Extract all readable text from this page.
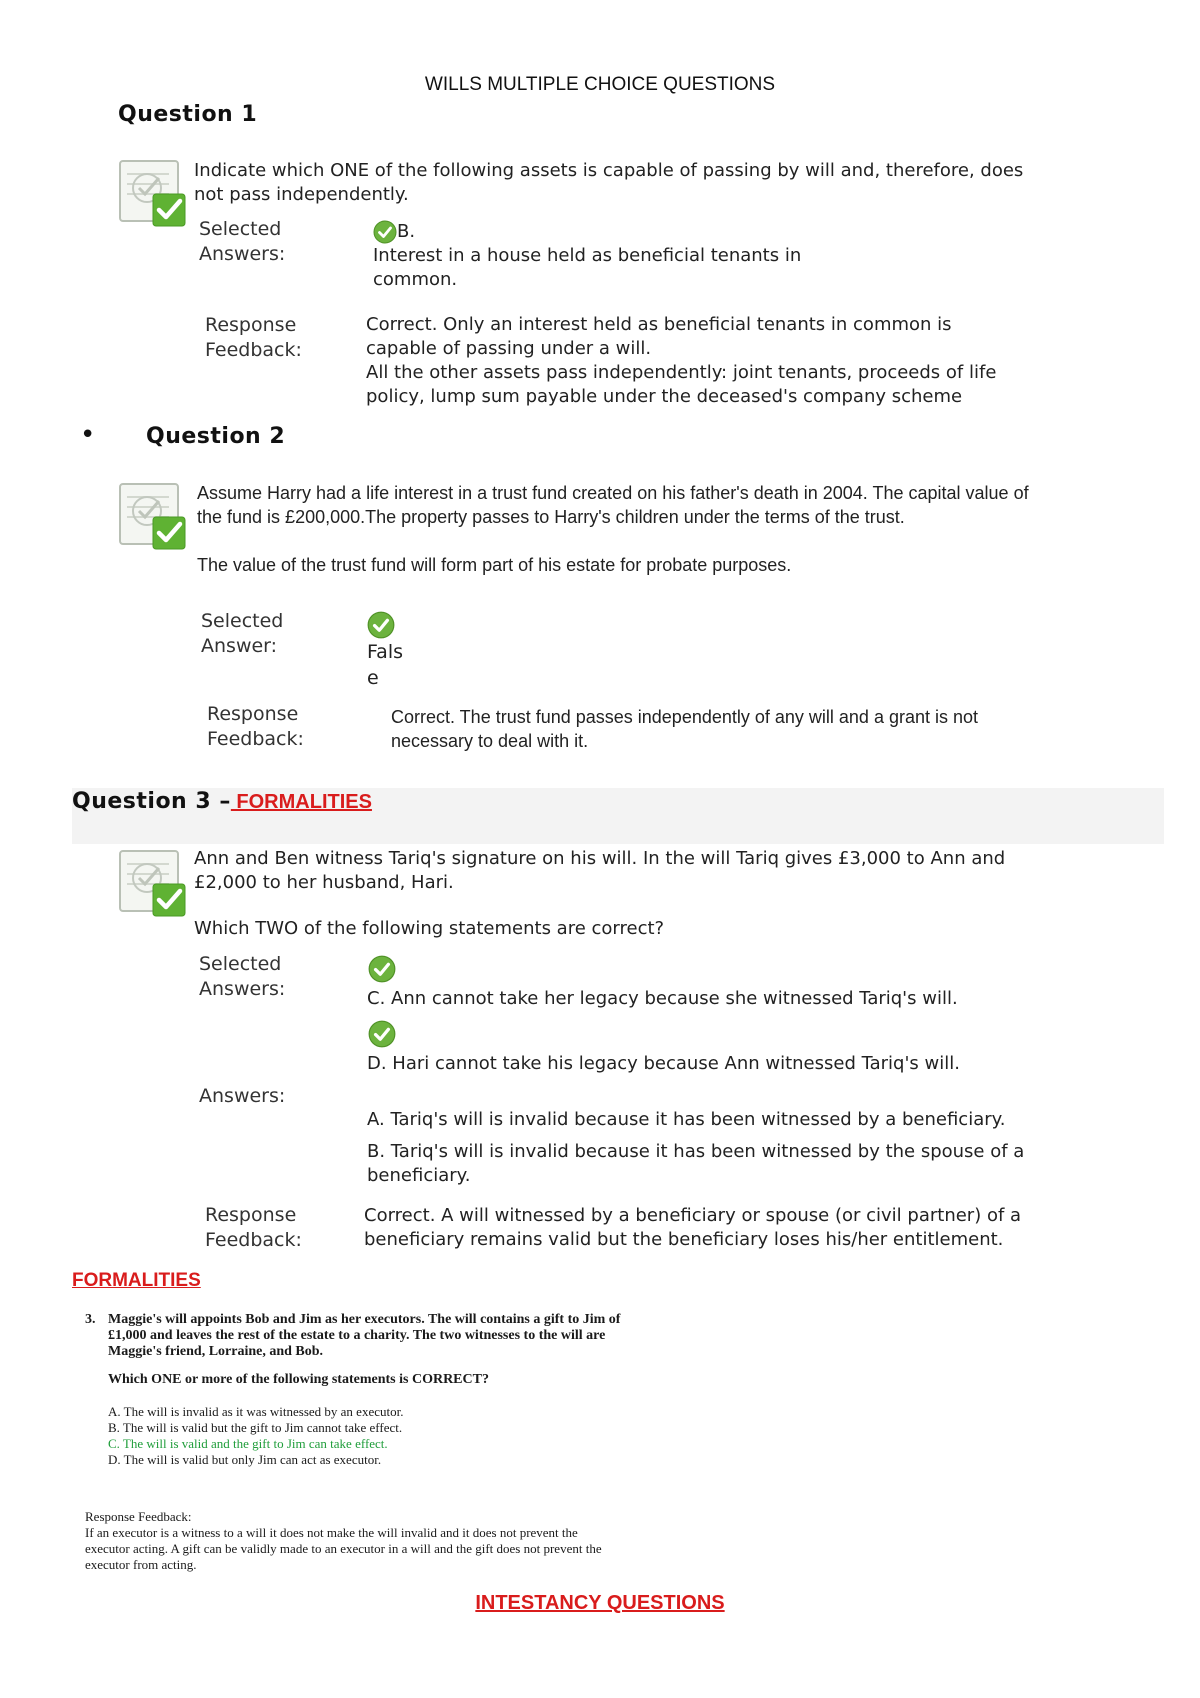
WILLS MULTIPLE CHOICE QUESTIONS
Question 1
Indicate which ONE of the following assets is capable of passing by will and, therefore, does
not pass independently.
Selected
Answers:
B.
Interest in a house held as beneficial tenants in
common.
Response
Feedback:
Correct. Only an interest held as beneficial tenants in common is
capable of passing under a will.
All the other assets pass independently: joint tenants, proceeds of life
policy, lump sum payable under the deceased's company scheme
• Question 2
Assume Harry had a life interest in a trust fund created on his father's death in 2004. The capital value of
the fund is £200,000.The property passes to Harry's children under the terms of the trust.
The value of the trust fund will form part of his estate for probate purposes.
Selected
Answer:	Fals
e
Response
Feedback:
Correct. The trust fund passes independently of any will and a grant is not
necessary to deal with it.
Question 3 – FORMALITIES
Ann and Ben witness Tariq's signature on his will. In the will Tariq gives £3,000 to Ann and
£2,000 to her husband, Hari.
Which TWO of the following statements are correct?
Selected
Answers:	C. Ann cannot take her legacy because she witnessed Tariq's will.
D. Hari cannot take his legacy because Ann witnessed Tariq's will.
Answers:
A. Tariq's will is invalid because it has been witnessed by a beneficiary.
B. Tariq's will is invalid because it has been witnessed by the spouse of a
beneficiary.
Response
Feedback:
Correct. A will witnessed by a beneficiary or spouse (or civil partner) of a
beneficiary remains valid but the beneficiary loses his/her entitlement.
FORMALITIES
3. Maggie's will appoints Bob and Jim as her executors. The will contains a gift to Jim of
£1,000 and leaves the rest of the estate to a charity. The two witnesses to the will are
Maggie's friend, Lorraine, and Bob.
Which ONE or more of the following statements is CORRECT?
A. The will is invalid as it was witnessed by an executor.
B. The will is valid but the gift to Jim cannot take effect.
C. The will is valid and the gift to Jim can take effect.
D. The will is valid but only Jim can act as executor.
Response Feedback:
If an executor is a witness to a will it does not make the will invalid and it does not prevent the
executor acting. A gift can be validly made to an executor in a will and the gift does not prevent the
executor from acting.
INTESTANCY QUESTIONS
